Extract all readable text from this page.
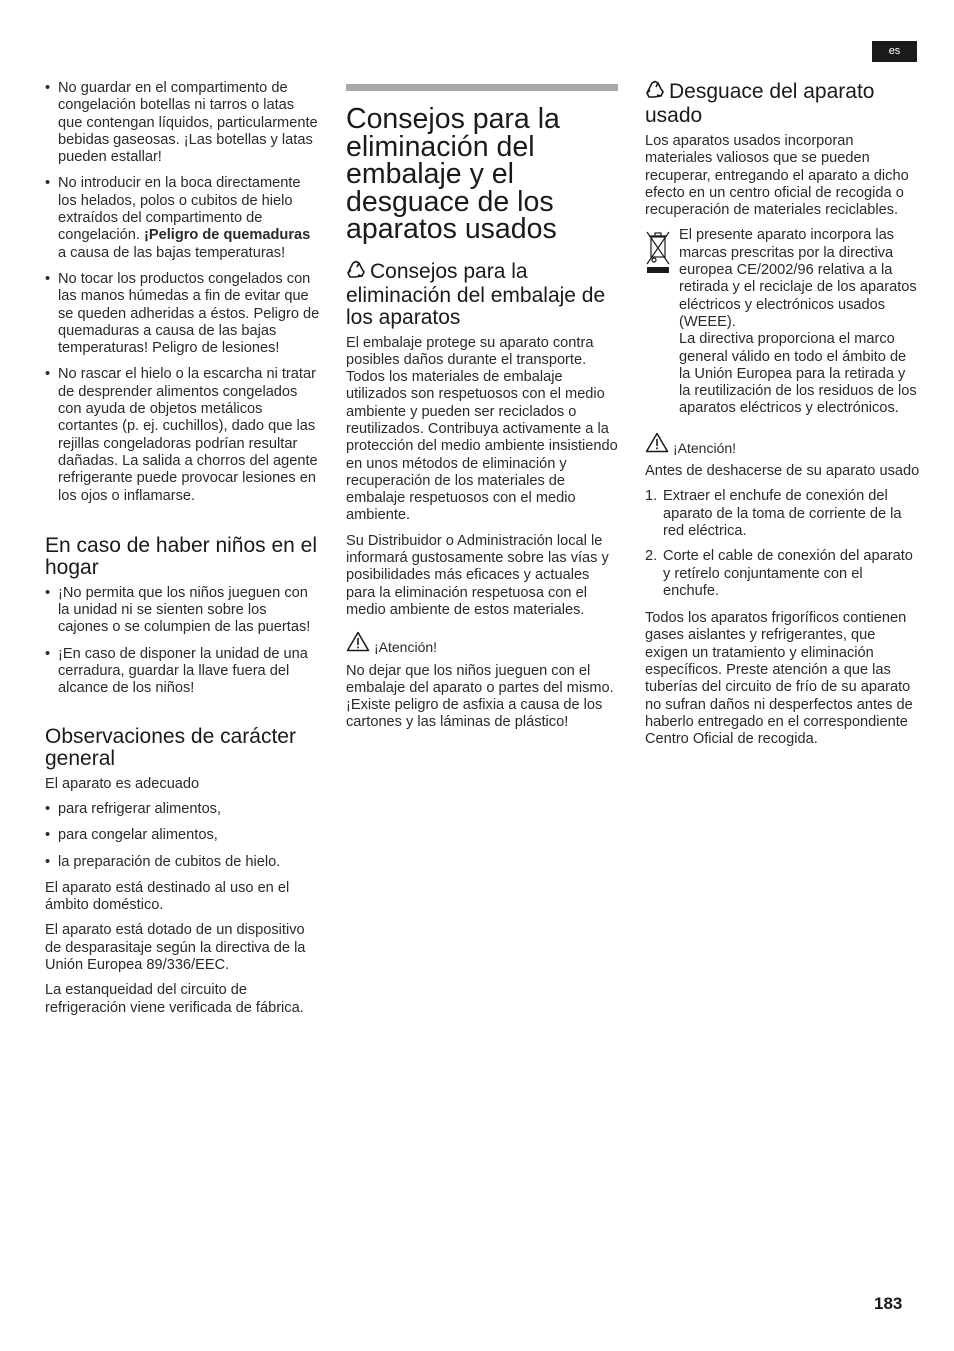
es
• No guardar en el compartimento de congelación botellas ni tarros o latas que contengan líquidos, particularmente bebidas gaseosas. ¡Las botellas y latas pueden estallar!
• No introducir en la boca directamente los helados, polos o cubitos de hielo extraídos del compartimento de congelación. ¡Peligro de quemaduras a causa de las bajas temperaturas!
• No tocar los productos congelados con las manos húmedas a fin de evitar que se queden adheridas a éstos. Peligro de quemaduras a causa de las bajas temperaturas! Peligro de lesiones!
• No rascar el hielo o la escarcha ni tratar de desprender alimentos congelados con ayuda de objetos metálicos cortantes (p. ej. cuchillos), dado que las rejillas congeladoras podrían resultar dañadas. La salida a chorros del agente refrigerante puede provocar lesiones en los ojos o inflamarse.
En caso de haber niños en el hogar
• ¡No permita que los niños jueguen con la unidad ni se sienten sobre los cajones o se columpien de las puertas!
• ¡En caso de disponer la unidad de una cerradura, guardar la llave fuera del alcance de los niños!
Observaciones de carácter general

El aparato es adecuado

• para refrigerar alimentos,
• para congelar alimentos,
• la preparación de cubitos de hielo.

El aparato está destinado al uso en el ámbito doméstico.

El aparato está dotado de un dispositivo de desparasitaje según la directiva de la Unión Europea 89/336/EEC.

La estanqueidad del circuito de refrigeración viene verificada de fábrica.

Consejos para la eliminación del embalaje y el desguace de los aparatos usados
Consejos para la eliminación del embalaje de los aparatos

El embalaje protege su aparato contra posibles daños durante el transporte. Todos los materiales de embalaje utilizados son respetuosos con el medio ambiente y pueden ser reciclados o reutilizados. Contribuya activamente a la protección del medio ambiente insistiendo en unos métodos de eliminación y recuperación de los materiales de embalaje respetuosos con el medio ambiente.

Su Distribuidor o Administración local le informará gustosamente sobre las vías y posibilidades más eficaces y actuales para la eliminación respetuosa con el medio ambiente de estos materiales.

¡Atención!

No dejar que los niños jueguen con el embalaje del aparato o partes del mismo. ¡Existe peligro de asfixia a causa de los cartones y las láminas de plástico!

Desguace del aparato usado

Los aparatos usados incorporan materiales valiosos que se pueden recuperar, entregando el aparato a dicho efecto en un centro oficial de recogida o recuperación de materiales reciclables.

El presente aparato incorpora las marcas prescritas por la directiva europea CE/2002/96 relativa a la retirada y el reciclaje de los aparatos eléctricos y electrónicos usados (WEEE).
La directiva proporciona el marco general válido en todo el ámbito de la Unión Europea para la retirada y la reutilización de los residuos de los aparatos eléctricos y electrónicos.
¡Atención!

Antes de deshacerse de su aparato usado

1. Extraer el enchufe de conexión del aparato de la toma de corriente de la red eléctrica.
2. Corte el cable de conexión del aparato y retírelo conjuntamente con el enchufe.

Todos los aparatos frigoríficos contienen gases aislantes y refrigerantes, que exigen un tratamiento y eliminación específicos. Preste atención a que las tuberías del circuito de frío de su aparato no sufran daños ni desperfectos antes de haberlo entregado en el correspondiente Centro Oficial de recogida.

183
